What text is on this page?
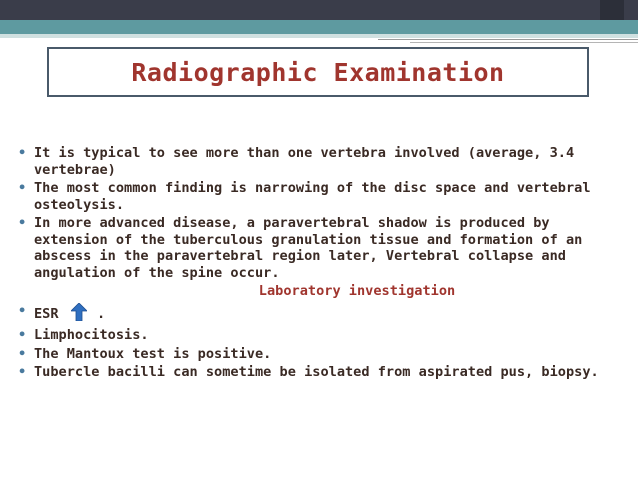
Radiographic Examination
• It is typical to see more than one vertebra involved (average, 3.4 vertebrae)
• The most common finding is narrowing of the disc space and vertebral osteolysis.
• In more advanced disease, a paravertebral shadow is produced by extension of the tuberculous granulation tissue and formation of an abscess in the paravertebral region later, Vertebral collapse and angulation of the spine occur.
Laboratory investigation
• ESR	.
• Limphocitosis.
• The Mantoux test is positive.
• Tubercle bacilli can sometime be isolated from aspirated pus, biopsy.
